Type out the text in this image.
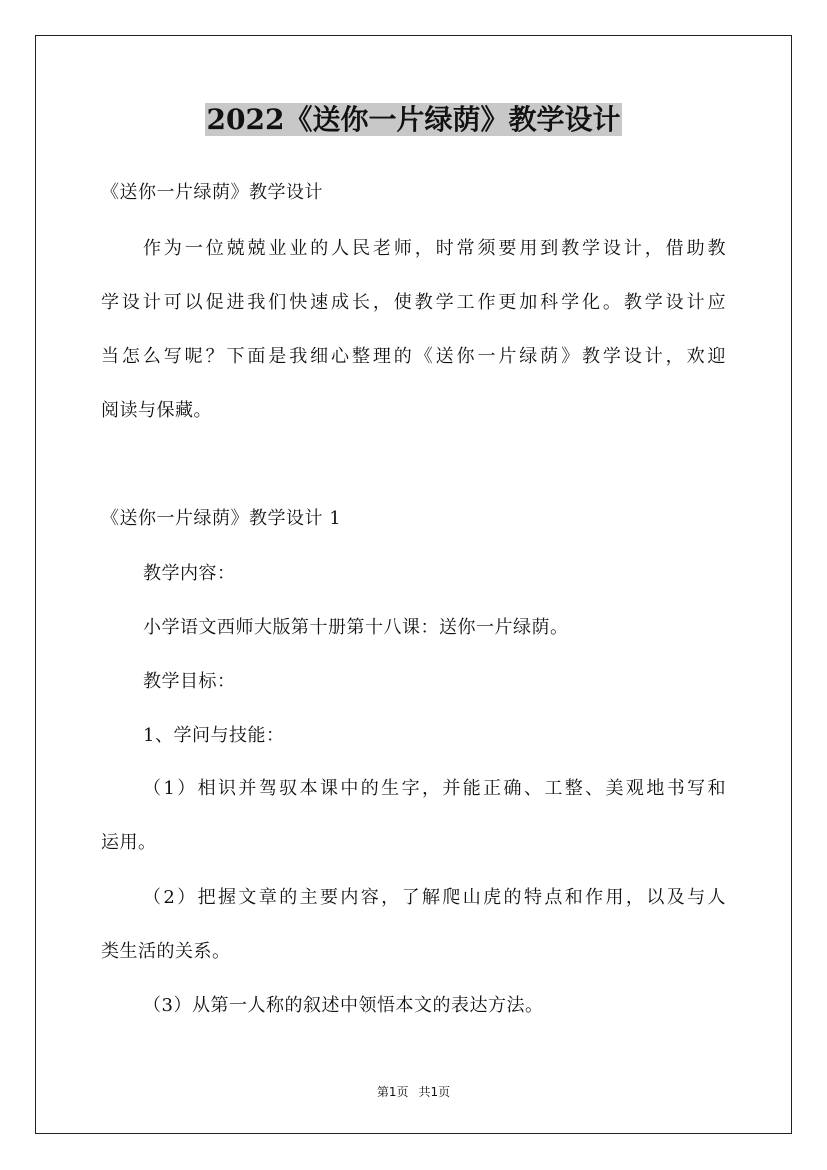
2022《送你一片绿荫》教学设计
《送你一片绿荫》教学设计
作为一位兢兢业业的人民老师，时常须要用到教学设计，借助教
学设计可以促进我们快速成长，使教学工作更加科学化。教学设计应
当怎么写呢？下面是我细心整理的《送你一片绿荫》教学设计，欢迎
阅读与保藏。
《送你一片绿荫》教学设计 1
教学内容：
小学语文西师大版第十册第十八课：送你一片绿荫。
教学目标：
1、学问与技能：
（1）相识并驾驭本课中的生字，并能正确、工整、美观地书写和
运用。
（2）把握文章的主要内容，了解爬山虎的特点和作用，以及与人
类生活的关系。
（3）从第一人称的叙述中领悟本文的表达方法。
第1页 共1页
